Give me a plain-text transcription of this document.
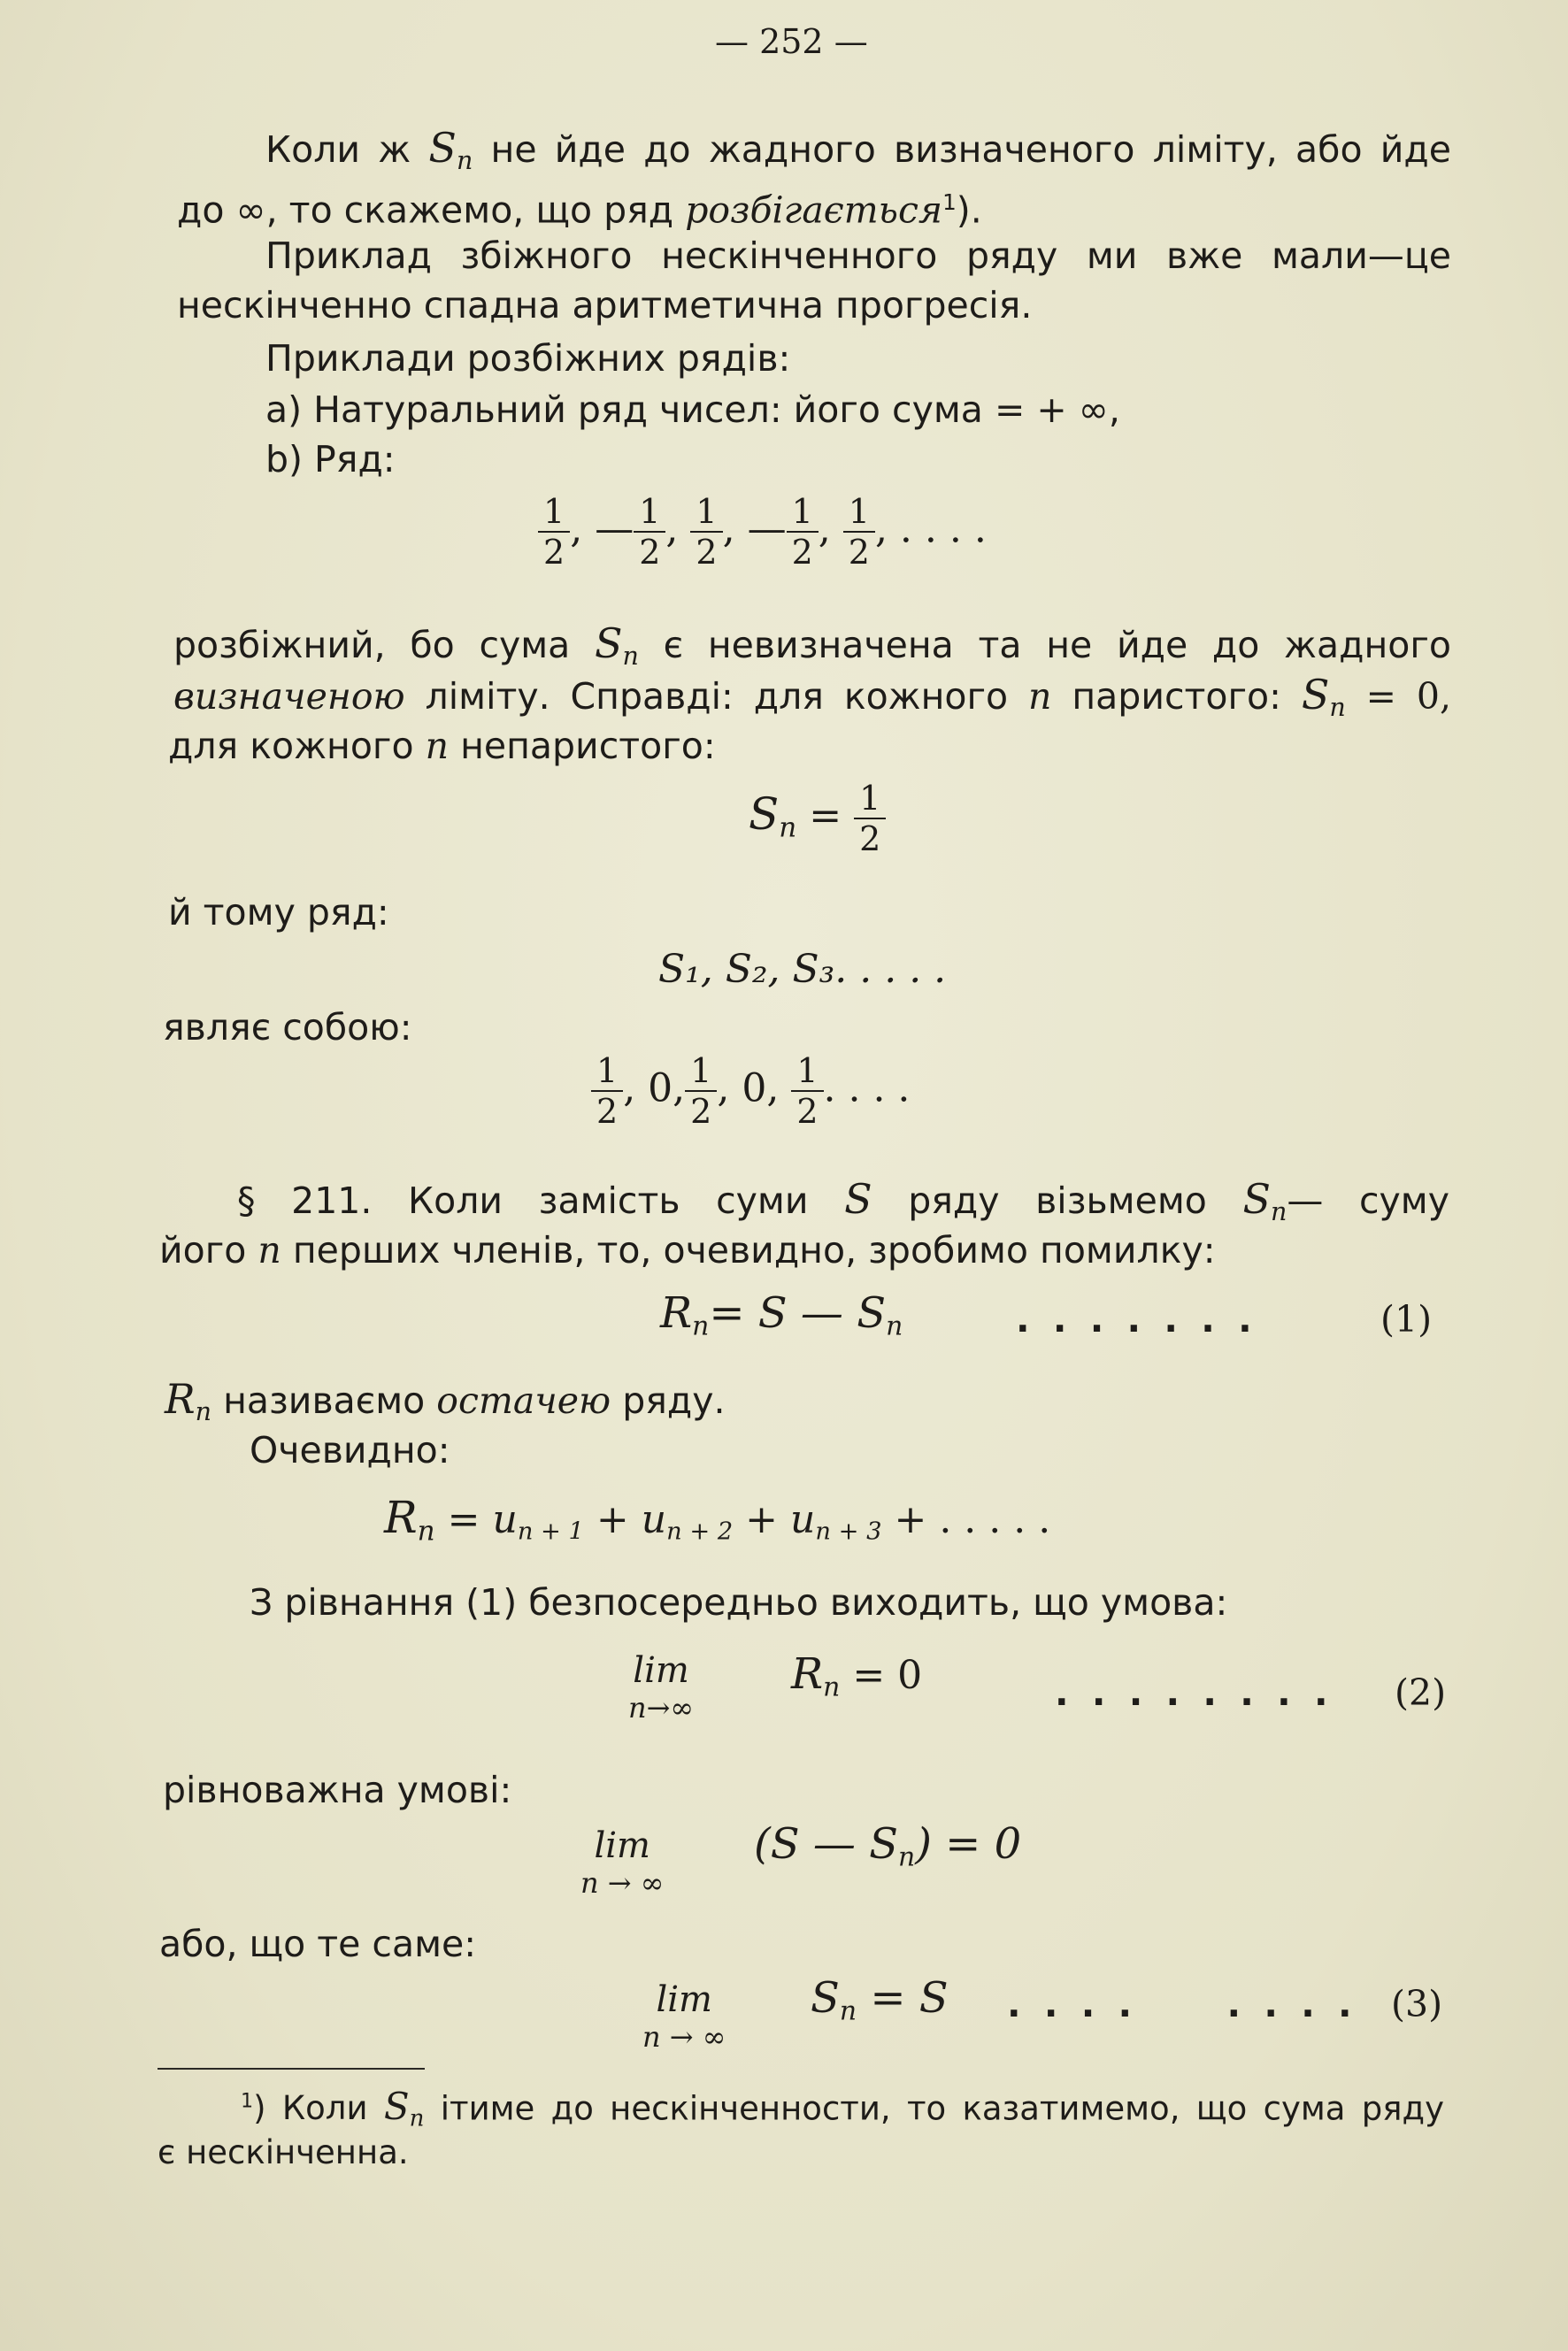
— 252 —
Коли ж $S_n$ не йде до жадного визначеного ліміту, або йде
до ∞, то скажемо, що ряд розбігається$^1$).
Приклад збіжного нескінченного ряду ми вже мали—це
нескінченно спадна аритметична прогресія.
Приклади розбіжних рядів:
a) Натуральний ряд чисел: його сума = + ∞,
b) Ряд:
$\frac{1}{2}$ , — $\frac{1}{2}$ , $\frac{1}{2}$ , — $\frac{1}{2}$ , $\frac{1}{2}$ , . . . .
розбіжний, бо сума $S_n$ є невизначена та не йде до жадного
визначеною ліміту. Справді: для кожного n паристого: $S_n = 0$,
для кожного n непаристого:
$S_n = \frac{1}{2}$
й тому ряд:
S₁, S₂, S₃. . . . .
являє собою:
$\frac{1}{2}$ , 0, $\frac{1}{2}$ , 0, $\frac{1}{2}$ . . . .
§ 211. Коли замість суми S ряду візьмемо $S_n—$ суму
його n перших членів, то, очевидно, зробимо помилку:
$R_n= S$ — $S_n$	. . . . . . .	(1)
$R_n$ називаємо остачею ряду.
Очевидно:
$R_n = u_{n + 1} + u_{n + 2} + u_{n + 3}$ + . . . . .
З рівнання (1) безпосередньо виходить, що умова:
lim
n→∞
$R_n = 0$	. . . . . . . . (2)
рівноважна умові:
lim
n → ∞
(S — $S_n) = 0$
або, що те саме:
lim
n → ∞
$S_n = S$ . . . .     . . . . (3)
$^1$) Коли $S_n$ ітиме до нескінченности, то казатимемо, що сума ряду
є нескінченна.
